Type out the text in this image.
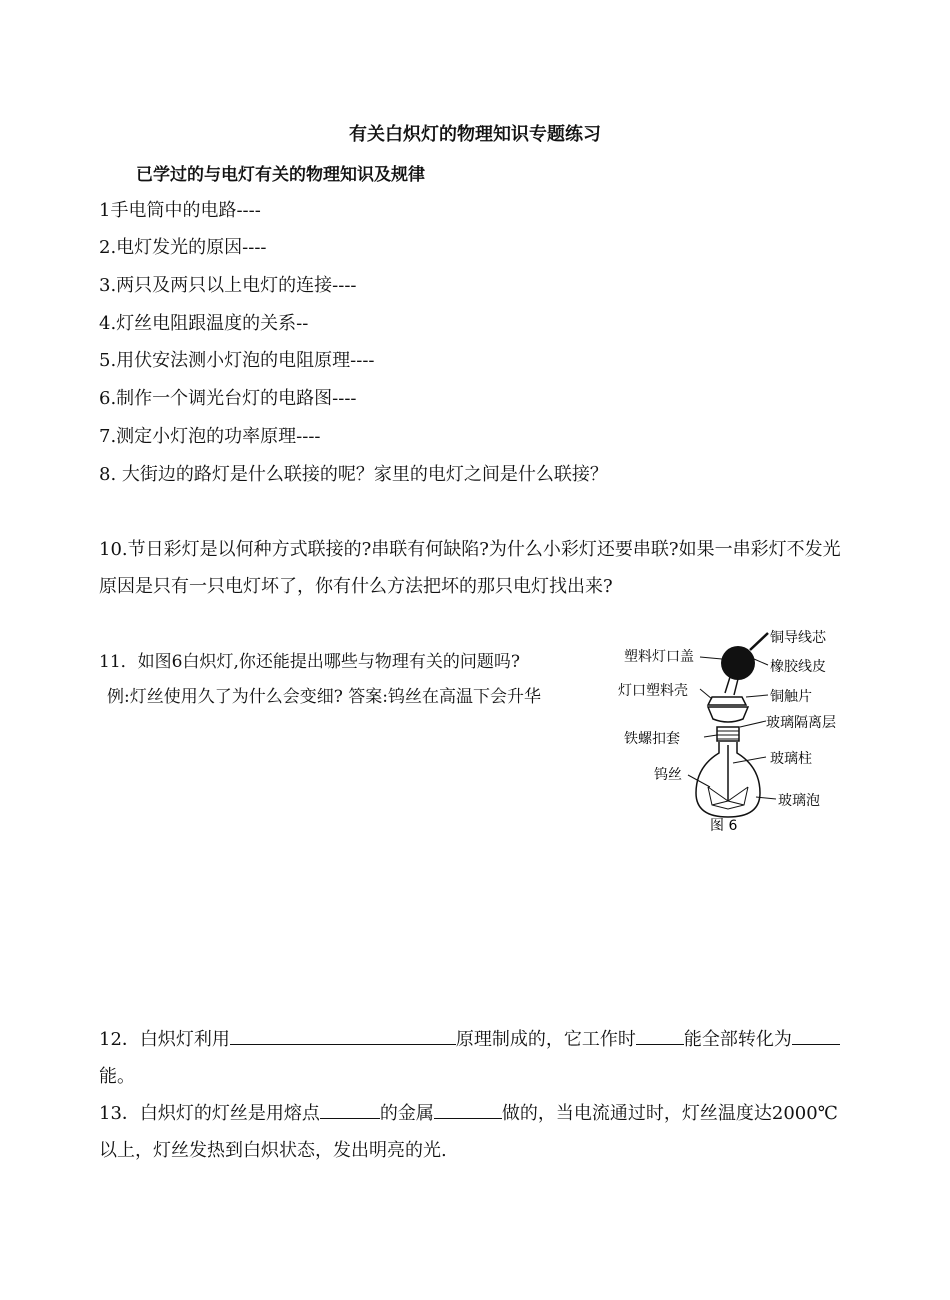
有关白炽灯的物理知识专题练习
已学过的与电灯有关的物理知识及规律
1手电筒中的电路----
2.电灯发光的原因----
3.两只及两只以上电灯的连接----
4.灯丝电阻跟温度的关系--
5.用伏安法测小灯泡的电阻原理----
6.制作一个调光台灯的电路图----
7.测定小灯泡的功率原理----
8. 大街边的路灯是什么联接的呢？家里的电灯之间是什么联接？
10.节日彩灯是以何种方式联接的?串联有何缺陷?为什么小彩灯还要串联?如果一串彩灯不发光原因是只有一只电灯坏了，你有什么方法把坏的那只电灯找出来?
11．如图6白炽灯,你还能提出哪些与物理有关的问题吗?
例:灯丝使用久了为什么会变细? 答案:钨丝在高温下会升华
塑料灯口盖
铜导线芯
橡胶线皮
灯口塑料壳	铜触片
玻璃隔离层
铁螺扣套
玻璃柱
钨丝
玻璃泡
图 6
12．白炽灯利用	原理制成的，它工作时	能全部转化为能。
13．白炽灯的灯丝是用熔点	的金属	做的，当电流通过时，灯丝温度达2000℃以上，灯丝发热到白炽状态，发出明亮的光.
